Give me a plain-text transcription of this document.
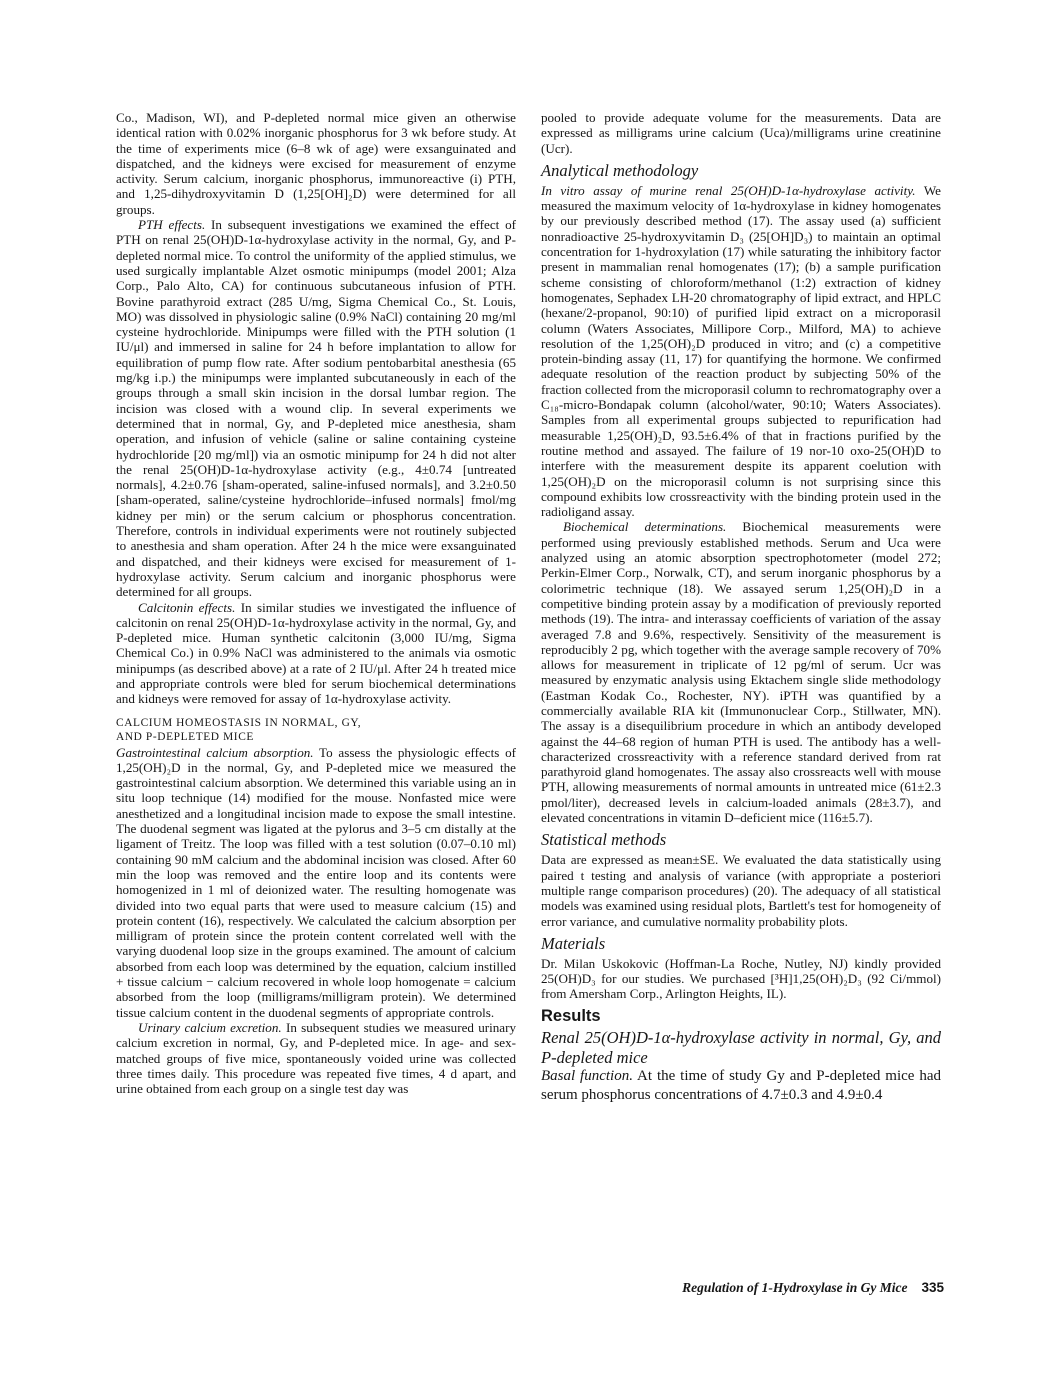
Co., Madison, WI), and P-depleted normal mice given an otherwise identical ration with 0.02% inorganic phosphorus for 3 wk before study. At the time of experiments mice (6–8 wk of age) were exsanguinated and dispatched, and the kidneys were excised for measurement of enzyme activity. Serum calcium, inorganic phosphorus, immunoreactive (i) PTH, and 1,25-dihydroxyvitamin D (1,25[OH]₂D) were determined for all groups.

PTH effects. In subsequent investigations we examined the effect of PTH on renal 25(OH)D-1α-hydroxylase activity in the normal, Gy, and P-depleted normal mice. To control the uniformity of the applied stimulus, we used surgically implantable Alzet osmotic minipumps (model 2001; Alza Corp., Palo Alto, CA) for continuous subcutaneous infusion of PTH. Bovine parathyroid extract (285 U/mg, Sigma Chemical Co., St. Louis, MO) was dissolved in physiologic saline (0.9% NaCl) containing 20 mg/ml cysteine hydrochloride. Minipumps were filled with the PTH solution (1 IU/μl) and immersed in saline for 24 h before implantation to allow for equilibration of pump flow rate. After sodium pentobarbital anesthesia (65 mg/kg i.p.) the minipumps were implanted subcutaneously in each of the groups through a small skin incision in the dorsal lumbar region. The incision was closed with a wound clip. In several experiments we determined that in normal, Gy, and P-depleted mice anesthesia, sham operation, and infusion of vehicle (saline or saline containing cysteine hydrochloride [20 mg/ml]) via an osmotic minipump for 24 h did not alter the renal 25(OH)D-1α-hydroxylase activity (e.g., 4±0.74 [untreated normals], 4.2±0.76 [sham-operated, saline-infused normals], and 3.2±0.50 [sham-operated, saline/cysteine hydrochloride–infused normals] fmol/mg kidney per min) or the serum calcium or phosphorus concentration. Therefore, controls in individual experiments were not routinely subjected to anesthesia and sham operation. After 24 h the mice were exsanguinated and dispatched, and their kidneys were excised for measurement of 1-hydroxylase activity. Serum calcium and inorganic phosphorus were determined for all groups.

Calcitonin effects. In similar studies we investigated the influence of calcitonin on renal 25(OH)D-1α-hydroxylase activity in the normal, Gy, and P-depleted mice. Human synthetic calcitonin (3,000 IU/mg, Sigma Chemical Co.) in 0.9% NaCl was administered to the animals via osmotic minipumps (as described above) at a rate of 2 IU/μl. After 24 h treated mice and appropriate controls were bled for serum biochemical determinations and kidneys were removed for assay of 1α-hydroxylase activity.

CALCIUM HOMEOSTASIS IN NORMAL, GY,
AND P-DEPLETED MICE

Gastrointestinal calcium absorption. To assess the physiologic effects of 1,25(OH)₂D in the normal, Gy, and P-depleted mice we measured the gastrointestinal calcium absorption. We determined this variable using an in situ loop technique (14) modified for the mouse. Nonfasted mice were anesthetized and a longitudinal incision made to expose the small intestine. The duodenal segment was ligated at the pylorus and 3–5 cm distally at the ligament of Treitz. The loop was filled with a test solution (0.07–0.10 ml) containing 90 mM calcium and the abdominal incision was closed. After 60 min the loop was removed and the entire loop and its contents were homogenized in 1 ml of deionized water. The resulting homogenate was divided into two equal parts that were used to measure calcium (15) and protein content (16), respectively. We calculated the calcium absorption per milligram of protein since the protein content correlated well with the varying duodenal loop size in the groups examined. The amount of calcium absorbed from each loop was determined by the equation, calcium instilled + tissue calcium − calcium recovered in whole loop homogenate = calcium absorbed from the loop (milligrams/milligram protein). We determined tissue calcium content in the duodenal segments of appropriate controls.

Urinary calcium excretion. In subsequent studies we measured urinary calcium excretion in normal, Gy, and P-depleted mice. In age- and sex-matched groups of five mice, spontaneously voided urine was collected three times daily. This procedure was repeated five times, 4 d apart, and urine obtained from each group on a single test day was

pooled to provide adequate volume for the measurements. Data are expressed as milligrams urine calcium (Uca)/milligrams urine creatinine (Ucr).

Analytical methodology

In vitro assay of murine renal 25(OH)D-1α-hydroxylase activity. We measured the maximum velocity of 1α-hydroxylase in kidney homogenates by our previously described method (17). The assay used (a) sufficient nonradioactive 25-hydroxyvitamin D₃ (25[OH]D₃) to maintain an optimal concentration for 1-hydroxylation (17) while saturating the inhibitory factor present in mammalian renal homogenates (17); (b) a sample purification scheme consisting of chloroform/methanol (1:2) extraction of kidney homogenates, Sephadex LH-20 chromatography of lipid extract, and HPLC (hexane/2-propanol, 90:10) of purified lipid extract on a microporasil column (Waters Associates, Millipore Corp., Milford, MA) to achieve resolution of the 1,25(OH)₂D produced in vitro; and (c) a competitive protein-binding assay (11, 17) for quantifying the hormone. We confirmed adequate resolution of the reaction product by subjecting 50% of the fraction collected from the microporasil column to rechromatography over a C₁₈-micro-Bondapak column (alcohol/water, 90:10; Waters Associates). Samples from all experimental groups subjected to repurification had measurable 1,25(OH)₂D, 93.5±6.4% of that in fractions purified by the routine method and assayed. The failure of 19 nor-10 oxo-25(OH)D to interfere with the measurement despite its apparent coelution with 1,25(OH)₂D on the microporasil column is not surprising since this compound exhibits low crossreactivity with the binding protein used in the radioligand assay.

Biochemical determinations. Biochemical measurements were performed using previously established methods. Serum and Uca were analyzed using an atomic absorption spectrophotometer (model 272; Perkin-Elmer Corp., Norwalk, CT), and serum inorganic phosphorus by a colorimetric technique (18). We assayed serum 1,25(OH)₂D in a competitive binding protein assay by a modification of previously reported methods (19). The intra- and interassay coefficients of variation of the assay averaged 7.8 and 9.6%, respectively. Sensitivity of the measurement is reproducibly 2 pg, which together with the average sample recovery of 70% allows for measurement in triplicate of 12 pg/ml of serum. Ucr was measured by enzymatic analysis using Ektachem single slide methodology (Eastman Kodak Co., Rochester, NY). iPTH was quantified by a commercially available RIA kit (Immunonuclear Corp., Stillwater, MN). The assay is a disequilibrium procedure in which an antibody developed against the 44–68 region of human PTH is used. The antibody has a well-characterized crossreactivity with a reference standard derived from rat parathyroid gland homogenates. The assay also crossreacts well with mouse PTH, allowing measurements of normal amounts in untreated mice (61±2.3 pmol/liter), decreased levels in calcium-loaded animals (28±3.7), and elevated concentrations in vitamin D–deficient mice (116±5.7).

Statistical methods

Data are expressed as mean±SE. We evaluated the data statistically using paired t testing and analysis of variance (with appropriate a posteriori multiple range comparison procedures) (20). The adequacy of all statistical models was examined using residual plots, Bartlett's test for homogeneity of error variance, and cumulative normality probability plots.

Materials

Dr. Milan Uskokovic (Hoffman-La Roche, Nutley, NJ) kindly provided 25(OH)D₃ for our studies. We purchased [³H]1,25(OH)₂D₃ (92 Ci/mmol) from Amersham Corp., Arlington Heights, IL).

Results
Renal 25(OH)D-1α-hydroxylase activity in normal, Gy, and P-depleted mice

Basal function. At the time of study Gy and P-depleted mice had serum phosphorus concentrations of 4.7±0.3 and 4.9±0.4

Regulation of 1-Hydroxylase in Gy Mice 335
